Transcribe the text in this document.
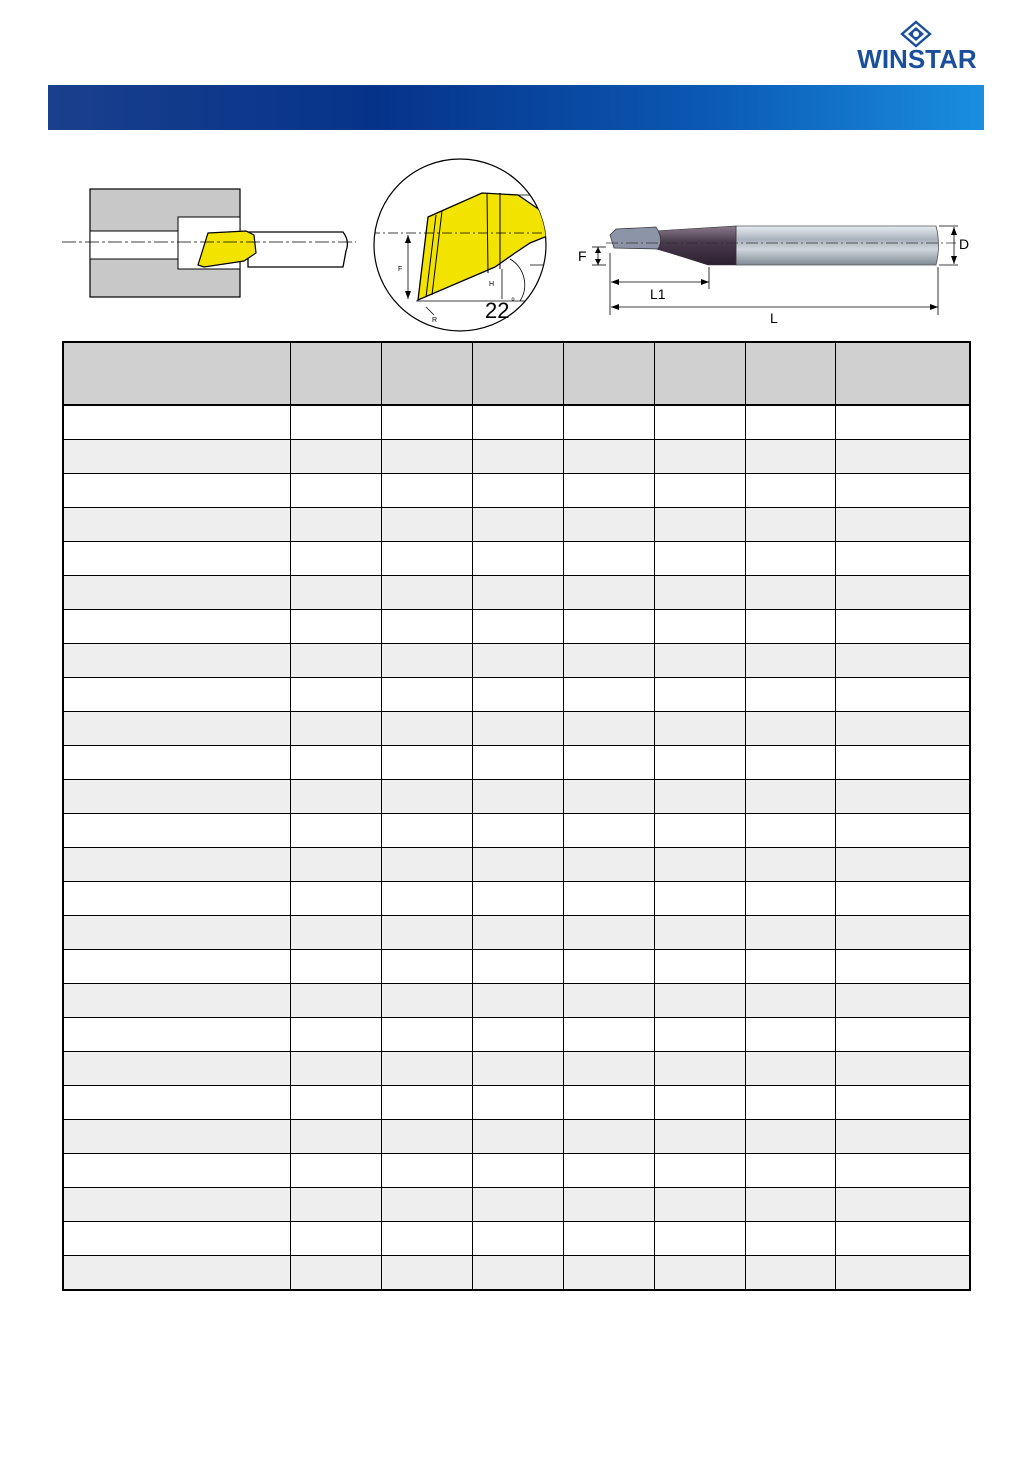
WINSTAR
F
H
R 22 °
D
F
L1
L
